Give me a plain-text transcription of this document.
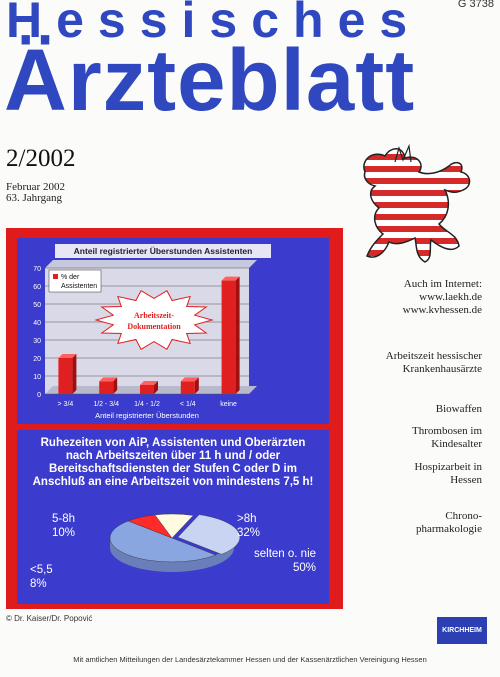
Hessisches
Ärzteblatt
G 3738
2/2002
Februar 2002
63. Jahrgang
Auch im Internet:
www.laekh.de
www.kvhessen.de
Arbeitszeit hessischer Krankenhausärzte
Biowaffen
Thrombosen im Kindesalter
Hospizarbeit in Hessen
Chrono-pharmakologie
Anteil registrierter Überstunden Assistenten
0
10
20
30
40
50
60
70
> 3/4	1/2 - 3/4 1/4 - 1/2	< 1/4	keine
Anteil registrierter Überstunden
% der
Assistenten
Arbeitszeit-
Dokumentation
Ruhezeiten von AiP, Assistenten und Oberärzten nach Arbeitszeiten über 11 h und / oder Bereitschaftsdiensten der Stufen C oder D im Anschluß an eine Arbeitszeit von mindestens 7,5 h!
5-8h
10%
>8h
32%
<5,5
8%
selten o. nie
50%
© Dr. Kaiser/Dr. Popović
KIRCHHEIM
Mit amtlichen Mitteilungen der Landesärztekammer Hessen und der Kassenärztlichen Vereinigung Hessen
